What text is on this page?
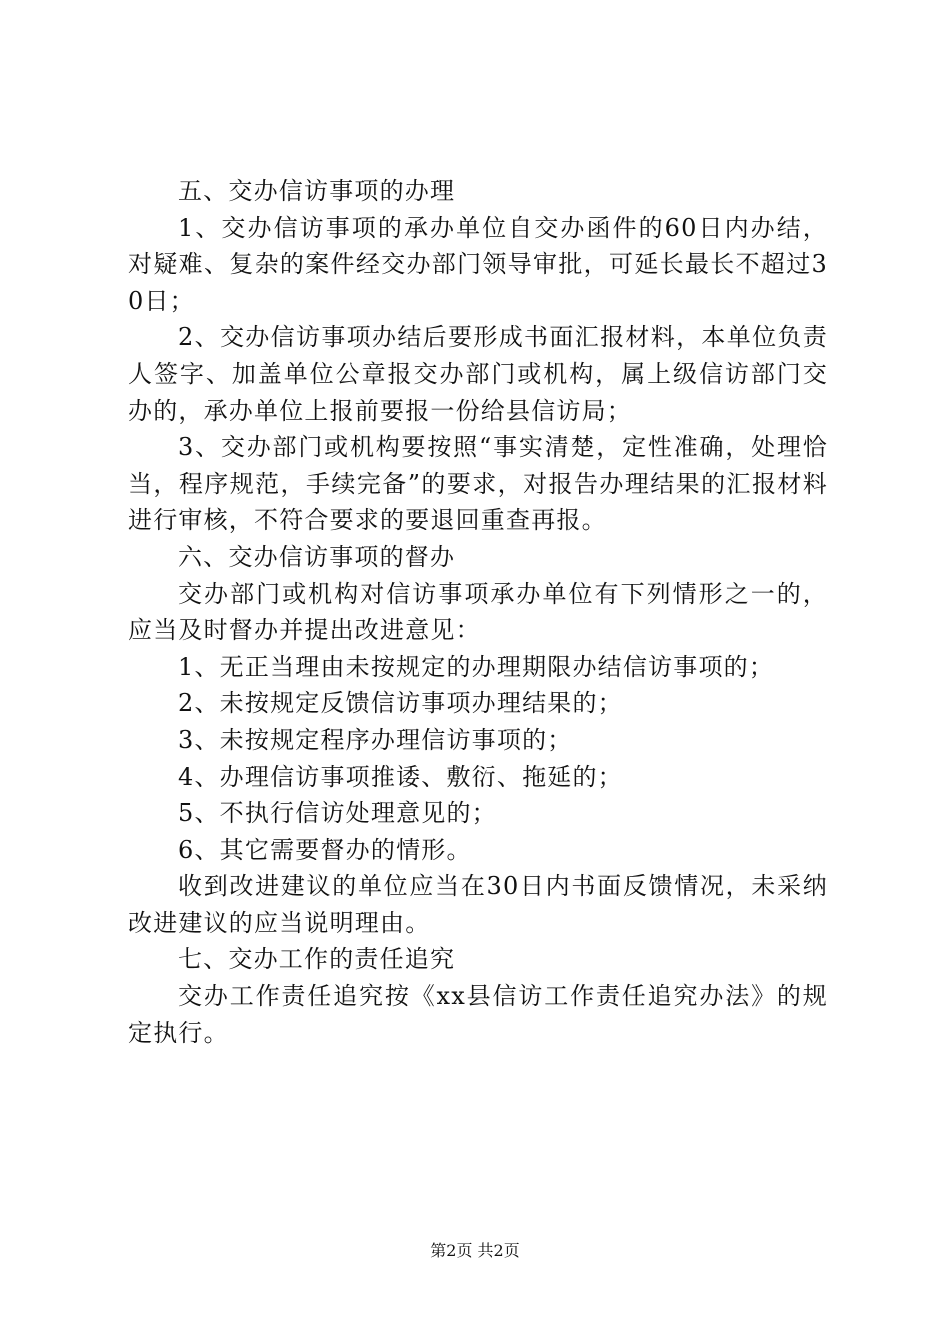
五、交办信访事项的办理

1、交办信访事项的承办单位自交办函件的60日内办结，对疑难、复杂的案件经交办部门领导审批，可延长最长不超过30日；

2、交办信访事项办结后要形成书面汇报材料，本单位负责人签字、加盖单位公章报交办部门或机构，属上级信访部门交办的，承办单位上报前要报一份给县信访局；

3、交办部门或机构要按照“事实清楚，定性准确，处理恰当，程序规范，手续完备”的要求，对报告办理结果的汇报材料进行审核，不符合要求的要退回重查再报。

六、交办信访事项的督办

交办部门或机构对信访事项承办单位有下列情形之一的，应当及时督办并提出改进意见：

1、无正当理由未按规定的办理期限办结信访事项的；

2、未按规定反馈信访事项办理结果的；

3、未按规定程序办理信访事项的；

4、办理信访事项推诿、敷衍、拖延的；

5、不执行信访处理意见的；

6、其它需要督办的情形。

收到改进建议的单位应当在30日内书面反馈情况，未采纳改进建议的应当说明理由。

七、交办工作的责任追究

交办工作责任追究按《xx县信访工作责任追究办法》的规定执行。

第2页 共2页
